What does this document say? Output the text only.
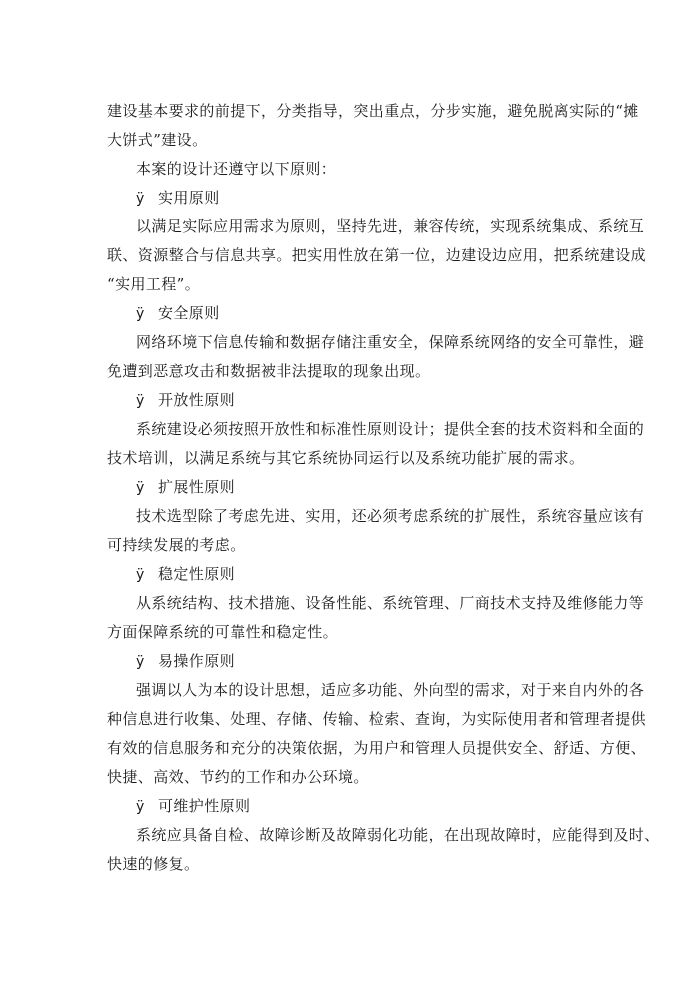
建设基本要求的前提下，分类指导，突出重点，分步实施，避免脱离实际的“摊
大饼式”建设。
本案的设计还遵守以下原则：
ÿ 实用原则
以满足实际应用需求为原则，坚持先进，兼容传统，实现系统集成、系统互
联、资源整合与信息共享。把实用性放在第一位，边建设边应用，把系统建设成
“实用工程”。
ÿ 安全原则
网络环境下信息传输和数据存储注重安全，保障系统网络的安全可靠性，避
免遭到恶意攻击和数据被非法提取的现象出现。
ÿ 开放性原则
系统建设必须按照开放性和标准性原则设计；提供全套的技术资料和全面的
技术培训，以满足系统与其它系统协同运行以及系统功能扩展的需求。
ÿ 扩展性原则
技术选型除了考虑先进、实用，还必须考虑系统的扩展性，系统容量应该有
可持续发展的考虑。
ÿ 稳定性原则
从系统结构、技术措施、设备性能、系统管理、厂商技术支持及维修能力等
方面保障系统的可靠性和稳定性。
ÿ 易操作原则
强调以人为本的设计思想，适应多功能、外向型的需求，对于来自内外的各
种信息进行收集、处理、存储、传输、检索、查询，为实际使用者和管理者提供
有效的信息服务和充分的决策依据，为用户和管理人员提供安全、舒适、方便、
快捷、高效、节约的工作和办公环境。
ÿ 可维护性原则
系统应具备自检、故障诊断及故障弱化功能，在出现故障时，应能得到及时、
快速的修复。
